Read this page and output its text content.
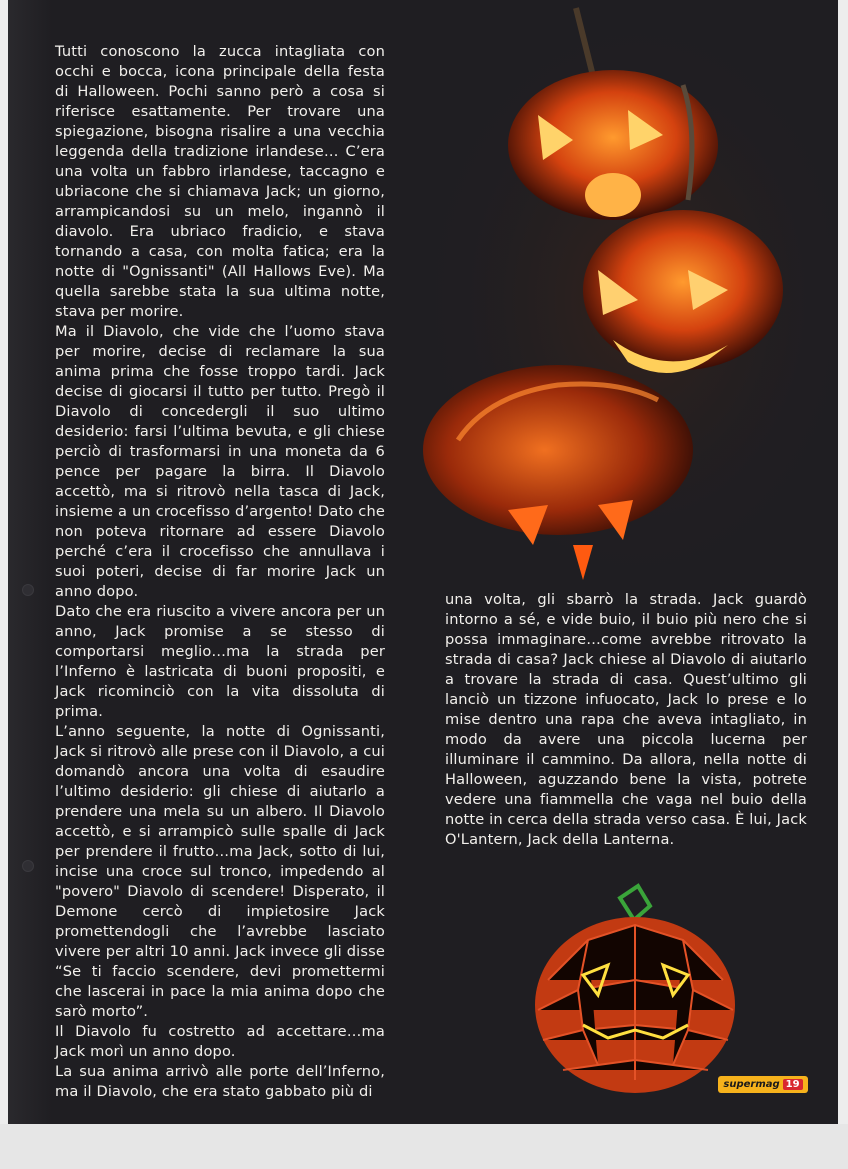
Tutti conoscono la zucca intagliata con occhi e bocca, icona principale della festa di Halloween. Pochi sanno però a cosa si riferisce esattamente. Per trovare una spiegazione, bisogna risalire a una vecchia leggenda della tradizione irlandese… C’era una volta un fabbro irlandese, taccagno e ubriacone che si chiamava Jack; un giorno, arrampicandosi su un melo, ingannò il diavolo. Era ubriaco fradicio, e stava tornando a casa, con molta fatica; era la notte di "Ognissanti" (All Hallows Eve). Ma quella sarebbe stata la sua ultima notte, stava per morire.

Ma il Diavolo, che vide che l’uomo stava per morire, decise di reclamare la sua anima prima che fosse troppo tardi. Jack decise di giocarsi il tutto per tutto. Pregò il Diavolo di concedergli il suo ultimo desiderio: farsi l’ultima bevuta, e gli chiese perciò di trasformarsi in una moneta da 6 pence per pagare la birra. Il Diavolo accettò, ma si ritrovò nella tasca di Jack, insieme a un crocefisso d’argento! Dato che non poteva ritornare ad essere Diavolo perché c’era il crocefisso che annullava i suoi poteri, decise di far morire Jack un anno dopo.

Dato che era riuscito a vivere ancora per un anno, Jack promise a se stesso di comportarsi meglio…ma la strada per l’Inferno è lastricata di buoni propositi, e Jack ricominciò con la vita dissoluta di prima.

L’anno seguente, la notte di Ognissanti, Jack si ritrovò alle prese con il Diavolo, a cui domandò ancora una volta di esaudire l’ultimo desiderio: gli chiese di aiutarlo a prendere una mela su un albero. Il Diavolo accettò, e si arrampicò sulle spalle di Jack per prendere il frutto…ma Jack, sotto di lui, incise una croce sul tronco, impedendo al "povero" Diavolo di scendere! Disperato, il Demone cercò di impietosire Jack promettendogli che l’avrebbe lasciato vivere per altri 10 anni. Jack invece gli disse “Se ti faccio scendere, devi promettermi che lascerai in pace la mia anima dopo che sarò morto”.

Il Diavolo fu costretto ad accettare…ma Jack morì un anno dopo.

La sua anima arrivò alle porte dell’Inferno, ma il Diavolo, che era stato gabbato più di

una volta, gli sbarrò la strada. Jack guardò intorno a sé, e vide buio, il buio più nero che si possa immaginare…come avrebbe ritrovato la strada di casa? Jack chiese al Diavolo di aiutarlo a trovare la strada di casa. Quest’ultimo gli lanciò un tizzone infuocato, Jack lo prese e lo mise dentro una rapa che aveva intagliato, in modo da avere una piccola lucerna per illuminare il cammino. Da allora, nella notte di Halloween, aguzzando bene la vista, potrete vedere una fiammella che vaga nel buio della notte in cerca della strada verso casa. È lui, Jack O'Lantern, Jack della Lanterna.

supermag 19
